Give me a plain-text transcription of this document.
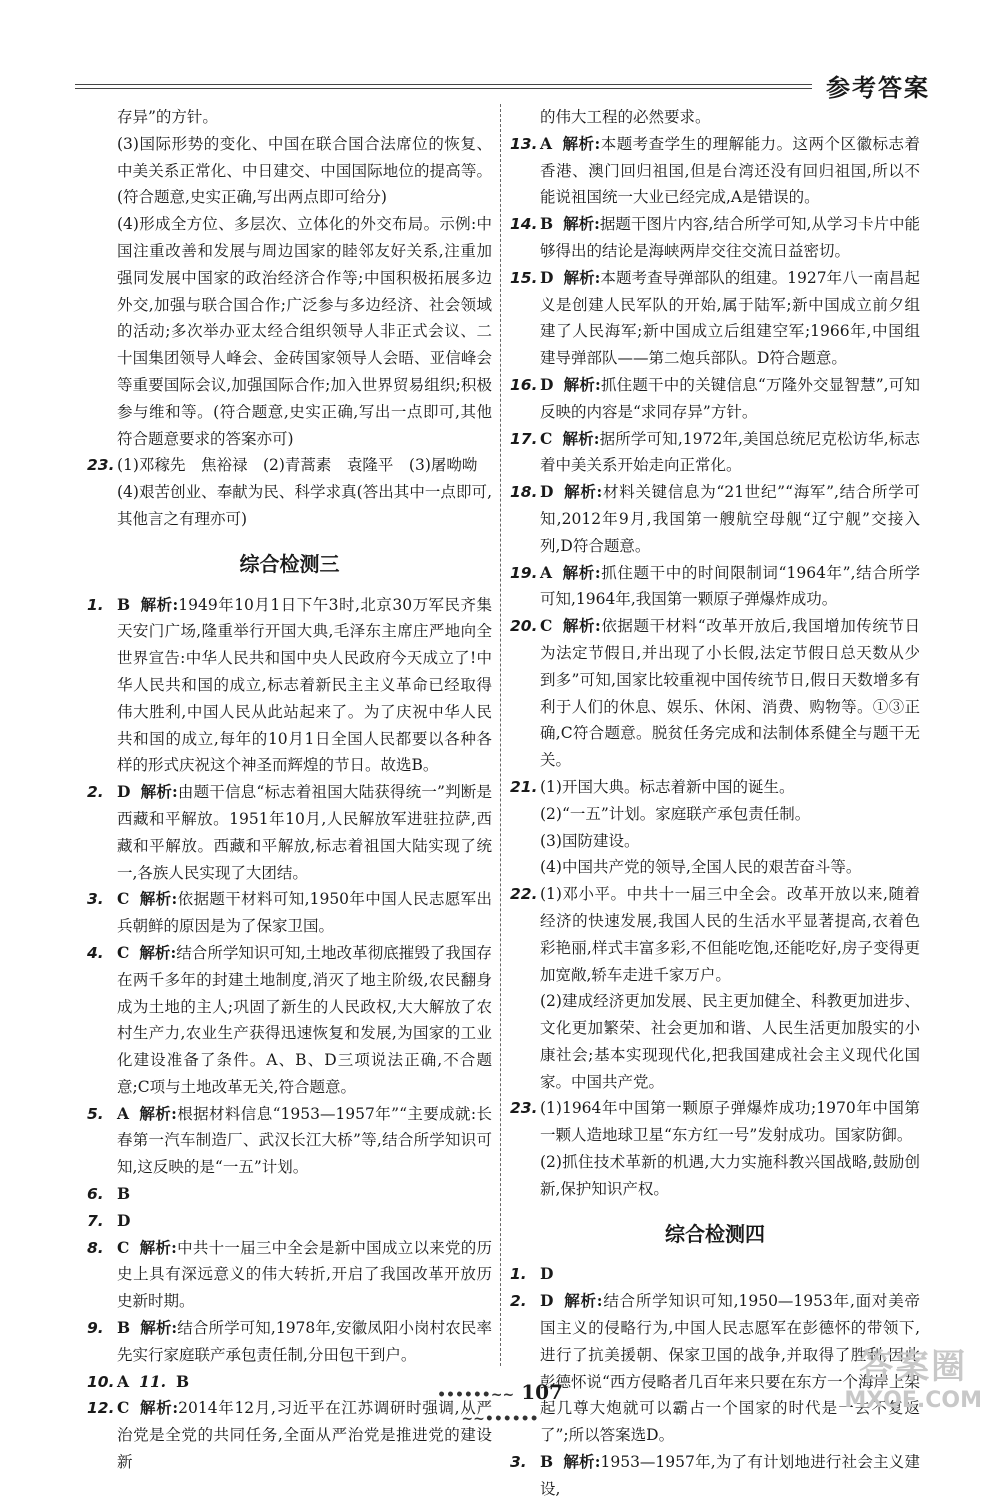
参考答案

存异”的方针。

(3)国际形势的变化、中国在联合国合法席位的恢复、中美关系正常化、中日建交、中国国际地位的提高等。(符合题意,史实正确,写出两点即可给分)

(4)形成全方位、多层次、立体化的外交布局。示例:中国注重改善和发展与周边国家的睦邻友好关系,注重加强同发展中国家的政治经济合作等;中国积极拓展多边外交,加强与联合国合作;广泛参与多边经济、社会领域的活动;多次举办亚太经合组织领导人非正式会议、二十国集团领导人峰会、金砖国家领导人会晤、亚信峰会等重要国际会议,加强国际合作;加入世界贸易组织;积极参与维和等。(符合题意,史实正确,写出一点即可,其他符合题意要求的答案亦可)

23. (1)邓稼先　焦裕禄　(2)青蒿素　袁隆平　(3)屠呦呦

(4)艰苦创业、奉献为民、科学求真(答出其中一点即可,其他言之有理亦可)

综合检测三
1. B 解析:1949年10月1日下午3时,北京30万军民齐集天安门广场,隆重举行开国大典,毛泽东主席庄严地向全世界宣告:中华人民共和国中央人民政府今天成立了!中华人民共和国的成立,标志着新民主主义革命已经取得伟大胜利,中国人民从此站起来了。为了庆祝中华人民共和国的成立,每年的10月1日全国人民都要以各种各样的形式庆祝这个神圣而辉煌的节日。故选B。

2. D 解析:由题干信息“标志着祖国大陆获得统一”判断是西藏和平解放。1951年10月,人民解放军进驻拉萨,西藏和平解放。西藏和平解放,标志着祖国大陆实现了统一,各族人民实现了大团结。

3. C 解析:依据题干材料可知,1950年中国人民志愿军出兵朝鲜的原因是为了保家卫国。

4. C 解析:结合所学知识可知,土地改革彻底摧毁了我国存在两千多年的封建土地制度,消灭了地主阶级,农民翻身成为土地的主人;巩固了新生的人民政权,大大解放了农村生产力,农业生产获得迅速恢复和发展,为国家的工业化建设准备了条件。A、B、D三项说法正确,不合题意;C项与土地改革无关,符合题意。

5. A 解析:根据材料信息“1953—1957年”“主要成就:长春第一汽车制造厂、武汉长江大桥”等,结合所学知识可知,这反映的是“一五”计划。

6. B

7. D

8. C 解析:中共十一届三中全会是新中国成立以来党的历史上具有深远意义的伟大转折,开启了我国改革开放历史新时期。

9. B 解析:结合所学可知,1978年,安徽凤阳小岗村农民率先实行家庭联产承包责任制,分田包干到户。

10. A 11. B

12. C 解析:2014年12月,习近平在江苏调研时强调,从严治党是全党的共同任务,全面从严治党是推进党的建设新

的伟大工程的必然要求。

13. A 解析:本题考查学生的理解能力。这两个区徽标志着香港、澳门回归祖国,但是台湾还没有回归祖国,所以不能说祖国统一大业已经完成,A是错误的。

14. B 解析:据题干图片内容,结合所学可知,从学习卡片中能够得出的结论是海峡两岸交往交流日益密切。

15. D 解析:本题考查导弹部队的组建。1927年八一南昌起义是创建人民军队的开始,属于陆军;新中国成立前夕组建了人民海军;新中国成立后组建空军;1966年,中国组建导弹部队——第二炮兵部队。D符合题意。

16. D 解析:抓住题干中的关键信息“万隆外交显智慧”,可知反映的内容是“求同存异”方针。

17. C 解析:据所学可知,1972年,美国总统尼克松访华,标志着中美关系开始走向正常化。

18. D 解析:材料关键信息为“21世纪”“海军”,结合所学可知,2012年9月,我国第一艘航空母舰“辽宁舰”交接入列,D符合题意。

19. A 解析:抓住题干中的时间限制词“1964年”,结合所学可知,1964年,我国第一颗原子弹爆炸成功。

20. C 解析:依据题干材料“改革开放后,我国增加传统节日为法定节假日,并出现了小长假,法定节假日总天数从少到多”可知,国家比较重视中国传统节日,假日天数增多有利于人们的休息、娱乐、休闲、消费、购物等。①③正确,C符合题意。脱贫任务完成和法制体系健全与题干无关。

21. (1)开国大典。标志着新中国的诞生。

(2)“一五”计划。家庭联产承包责任制。

(3)国防建设。

(4)中国共产党的领导,全国人民的艰苦奋斗等。

22. (1)邓小平。中共十一届三中全会。改革开放以来,随着经济的快速发展,我国人民的生活水平显著提高,衣着色彩艳丽,样式丰富多彩,不但能吃饱,还能吃好,房子变得更加宽敞,轿车走进千家万户。

(2)建成经济更加发展、民主更加健全、科教更加进步、文化更加繁荣、社会更加和谐、人民生活更加殷实的小康社会;基本实现现代化,把我国建成社会主义现代化国家。中国共产党。

23. (1)1964年中国第一颗原子弹爆炸成功;1970年中国第一颗人造地球卫星“东方红一号”发射成功。国家防御。

(2)抓住技术革新的机遇,大力实施科教兴国战略,鼓励创新,保护知识产权。

综合检测四
1. D

2. D 解析:结合所学知识可知,1950—1953年,面对美帝国主义的侵略行为,中国人民志愿军在彭德怀的带领下,进行了抗美援朝、保家卫国的战争,并取得了胜利,因此彭德怀说“西方侵略者几百年来只要在东方一个海岸上架起几尊大炮就可以霸占一个国家的时代是一去不复返了”;所以答案选D。

3. B 解析:1953—1957年,为了有计划地进行社会主义建设,

••••••~~ 107 ~~••••••
答案圈
MXQE.COM
